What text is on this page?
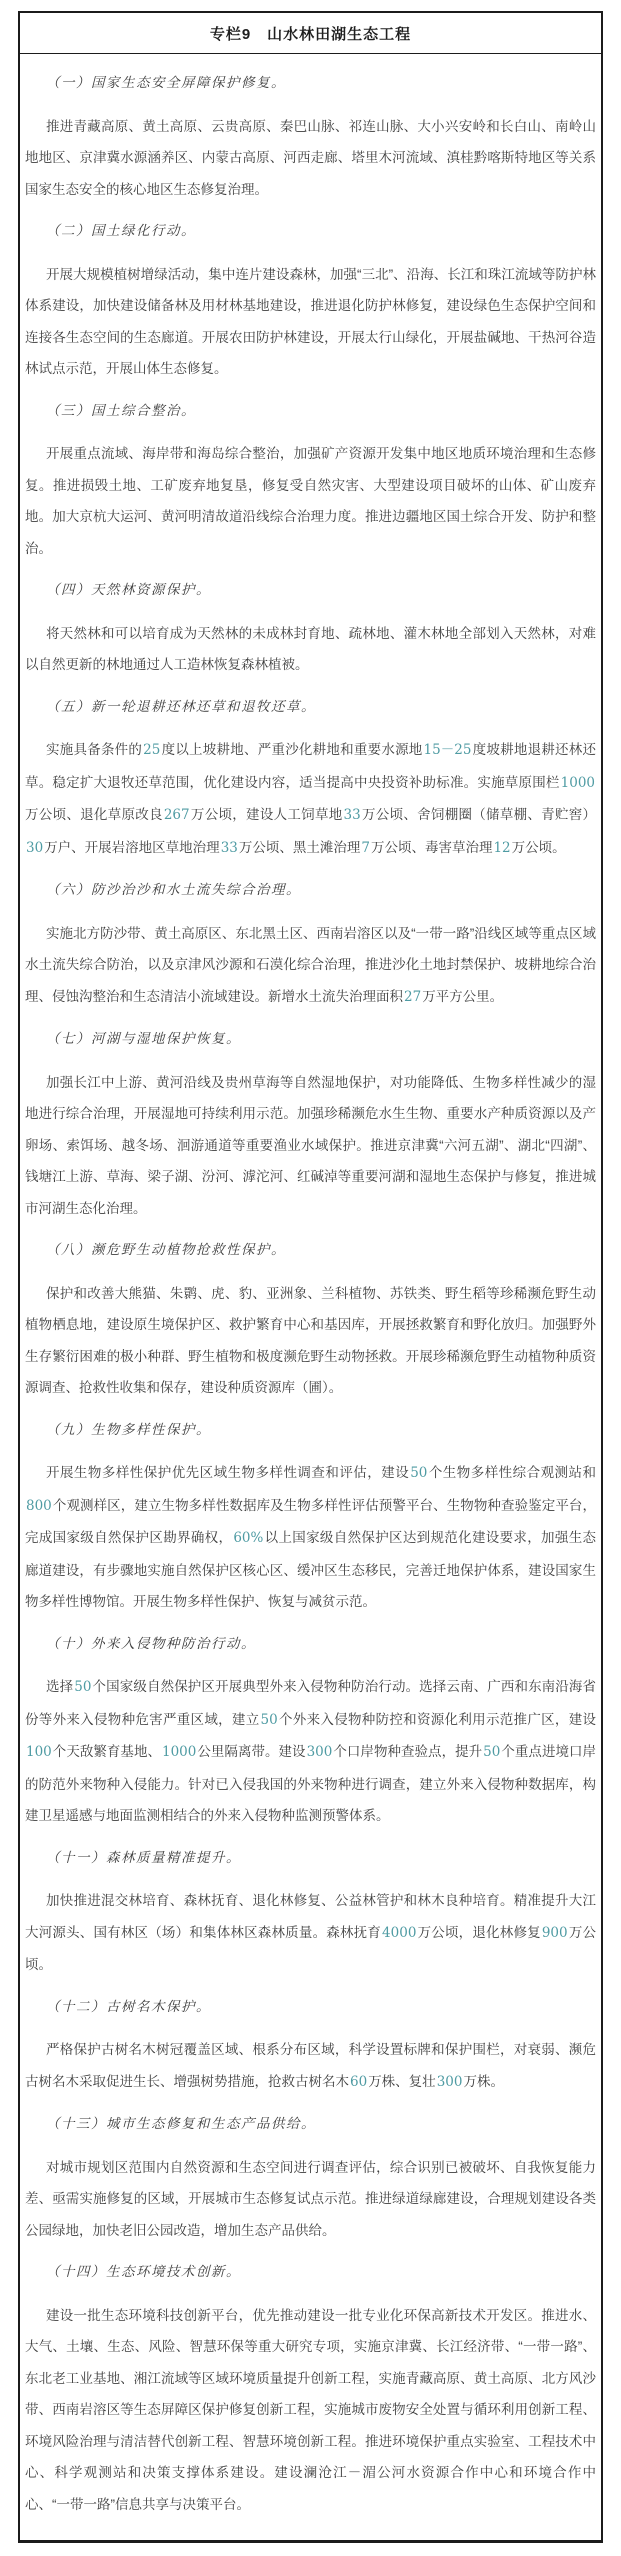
专栏9　山水林田湖生态工程

（一）国家生态安全屏障保护修复。

推进青藏高原、黄土高原、云贵高原、秦巴山脉、祁连山脉、大小兴安岭和长白山、南岭山地地区、京津冀水源涵养区、内蒙古高原、河西走廊、塔里木河流域、滇桂黔喀斯特地区等关系国家生态安全的核心地区生态修复治理。

（二）国土绿化行动。

开展大规模植树增绿活动，集中连片建设森林，加强“三北”、沿海、长江和珠江流域等防护林体系建设，加快建设储备林及用材林基地建设，推进退化防护林修复，建设绿色生态保护空间和连接各生态空间的生态廊道。开展农田防护林建设，开展太行山绿化，开展盐碱地、干热河谷造林试点示范，开展山体生态修复。

（三）国土综合整治。

开展重点流域、海岸带和海岛综合整治，加强矿产资源开发集中地区地质环境治理和生态修复。推进损毁土地、工矿废弃地复垦，修复受自然灾害、大型建设项目破坏的山体、矿山废弃地。加大京杭大运河、黄河明清故道沿线综合治理力度。推进边疆地区国土综合开发、防护和整治。

（四）天然林资源保护。

将天然林和可以培育成为天然林的未成林封育地、疏林地、灌木林地全部划入天然林，对难以自然更新的林地通过人工造林恢复森林植被。

（五）新一轮退耕还林还草和退牧还草。

实施具备条件的25度以上坡耕地、严重沙化耕地和重要水源地15－25度坡耕地退耕还林还草。稳定扩大退牧还草范围，优化建设内容，适当提高中央投资补助标准。实施草原围栏1000万公顷、退化草原改良267万公顷，建设人工饲草地33万公顷、舍饲棚圈（储草棚、青贮窖）30万户、开展岩溶地区草地治理33万公顷、黑土滩治理7万公顷、毒害草治理12万公顷。

（六）防沙治沙和水土流失综合治理。

实施北方防沙带、黄土高原区、东北黑土区、西南岩溶区以及“一带一路”沿线区域等重点区域水土流失综合防治，以及京津风沙源和石漠化综合治理，推进沙化土地封禁保护、坡耕地综合治理、侵蚀沟整治和生态清洁小流域建设。新增水土流失治理面积27万平方公里。

（七）河湖与湿地保护恢复。

加强长江中上游、黄河沿线及贵州草海等自然湿地保护，对功能降低、生物多样性减少的湿地进行综合治理，开展湿地可持续利用示范。加强珍稀濒危水生生物、重要水产种质资源以及产卵场、索饵场、越冬场、洄游通道等重要渔业水域保护。推进京津冀“六河五湖”、湖北“四湖”、钱塘江上游、草海、梁子湖、汾河、滹沱河、红碱淖等重要河湖和湿地生态保护与修复，推进城市河湖生态化治理。

（八）濒危野生动植物抢救性保护。

保护和改善大熊猫、朱鹮、虎、豹、亚洲象、兰科植物、苏铁类、野生稻等珍稀濒危野生动植物栖息地，建设原生境保护区、救护繁育中心和基因库，开展拯救繁育和野化放归。加强野外生存繁衍困难的极小种群、野生植物和极度濒危野生动物拯救。开展珍稀濒危野生动植物种质资源调查、抢救性收集和保存，建设种质资源库（圃）。

（九）生物多样性保护。

开展生物多样性保护优先区域生物多样性调查和评估，建设50个生物多样性综合观测站和800个观测样区，建立生物多样性数据库及生物多样性评估预警平台、生物物种查验鉴定平台，完成国家级自然保护区勘界确权，60%以上国家级自然保护区达到规范化建设要求，加强生态廊道建设，有步骤地实施自然保护区核心区、缓冲区生态移民，完善迁地保护体系，建设国家生物多样性博物馆。开展生物多样性保护、恢复与减贫示范。

（十）外来入侵物种防治行动。

选择50个国家级自然保护区开展典型外来入侵物种防治行动。选择云南、广西和东南沿海省份等外来入侵物种危害严重区域，建立50个外来入侵物种防控和资源化利用示范推广区，建设100个天敌繁育基地、1000公里隔离带。建设300个口岸物种查验点，提升50个重点进境口岸的防范外来物种入侵能力。针对已入侵我国的外来物种进行调查，建立外来入侵物种数据库，构建卫星遥感与地面监测相结合的外来入侵物种监测预警体系。

（十一）森林质量精准提升。

加快推进混交林培育、森林抚育、退化林修复、公益林管护和林木良种培育。精准提升大江大河源头、国有林区（场）和集体林区森林质量。森林抚育4000万公顷，退化林修复900万公顷。

（十二）古树名木保护。

严格保护古树名木树冠覆盖区域、根系分布区域，科学设置标牌和保护围栏，对衰弱、濒危古树名木采取促进生长、增强树势措施，抢救古树名木60万株、复壮300万株。

（十三）城市生态修复和生态产品供给。

对城市规划区范围内自然资源和生态空间进行调查评估，综合识别已被破坏、自我恢复能力差、亟需实施修复的区域，开展城市生态修复试点示范。推进绿道绿廊建设，合理规划建设各类公园绿地，加快老旧公园改造，增加生态产品供给。

（十四）生态环境技术创新。

建设一批生态环境科技创新平台，优先推动建设一批专业化环保高新技术开发区。推进水、大气、土壤、生态、风险、智慧环保等重大研究专项，实施京津冀、长江经济带、“一带一路”、东北老工业基地、湘江流域等区域环境质量提升创新工程，实施青藏高原、黄土高原、北方风沙带、西南岩溶区等生态屏障区保护修复创新工程，实施城市废物安全处置与循环利用创新工程、环境风险治理与清洁替代创新工程、智慧环境创新工程。推进环境保护重点实验室、工程技术中心、科学观测站和决策支撑体系建设。建设澜沧江－湄公河水资源合作中心和环境合作中心、“一带一路”信息共享与决策平台。
